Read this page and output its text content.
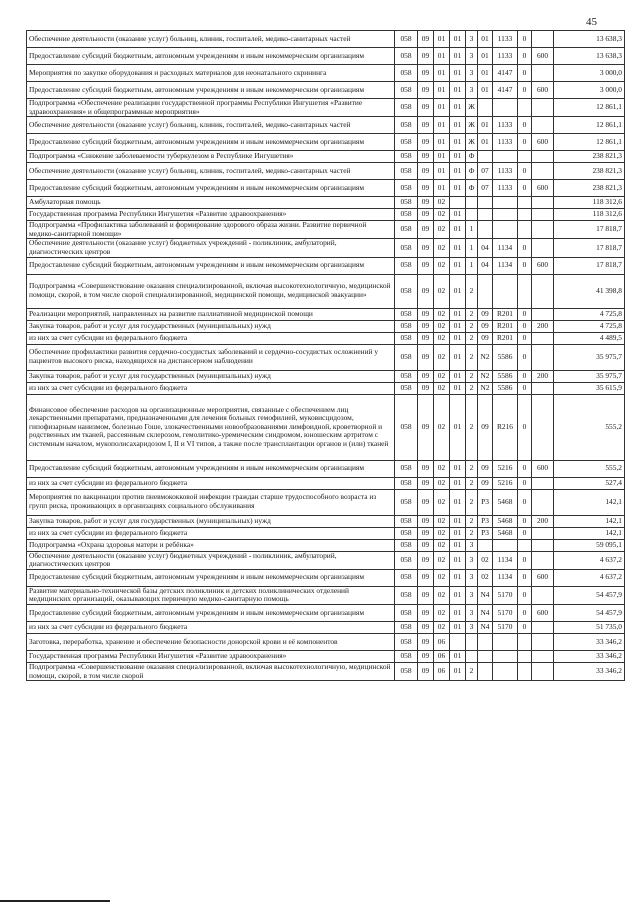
45
Обеспечение деятельности (оказание услуг) больниц, клиник, госпиталей, медико-санитарных частей	058	09	01	01	3	01	1133	0		13 638,3
Предоставление субсидий бюджетным, автономным учреждениям и иным некоммерческим организациям	058	09	01	01	3	01	1133	0	600	13 638,3
Мероприятия по закупке оборудования и расходных материалов для неонатального скрининга	058	09	01	01	3	01	4147	0		3 000,0
Предоставление субсидий бюджетным, автономным учреждениям и иным некоммерческим организациям	058	09	01	01	3	01	4147	0	600	3 000,0
Подпрограмма «Обеспечение реализации государственной программы Республики Ингушетия «Развитие здравоохранения» и общепрограммные мероприятия»	058	09	01	01	Ж					12 861,1
Обеспечение деятельности (оказание услуг) больниц, клиник, госпиталей, медико-санитарных частей	058	09	01	01	Ж	01	1133	0		12 861,1
Предоставление субсидий бюджетным, автономным учреждениям и иным некоммерческим организациям	058	09	01	01	Ж	01	1133	0	600	12 861,1
Подпрограмма «Снижение заболеваемости туберкулезом в Республике Ингушетия»	058	09	01	01	Ф					238 821,3
Обеспечение деятельности (оказание услуг) больниц, клиник, госпиталей, медико-санитарных частей	058	09	01	01	Ф	07	1133	0		238 821,3
Предоставление субсидий бюджетным, автономным учреждениям и иным некоммерческим организациям	058	09	01	01	Ф	07	1133	0	600	238 821,3
Амбулаторная помощь	058	09	02							118 312,6
Государственная программа Республики Ингушетия «Развитие здравоохранения»	058	09	02	01						118 312,6
Подпрограмма «Профилактика заболеваний и формирование здорового образа жизни. Развитие первичной медико-санитарной помощи»	058	09	02	01	1					17 818,7
Обеспечение деятельности (оказание услуг) бюджетных учреждений - поликлиник, амбулаторий, диагностических центров	058	09	02	01	1	04	1134	0		17 818,7
Предоставление субсидий бюджетным, автономным учреждениям и иным некоммерческим организациям	058	09	02	01	1	04	1134	0	600	17 818,7
Подпрограмма «Совершенствование оказания специализированной, включая высокотехнологичную, медицинской помощи, скорой, в том числе скорой специализированной, медицинской помощи, медицинской эвакуации»	058	09	02	01	2					41 398,8
Реализации мероприятий, направленных на развитие паллиативной медицинской помощи	058	09	02	01	2	09	R201	0		4 725,8
Закупка товаров, работ и услуг для государственных (муниципальных) нужд	058	09	02	01	2	09	R201	0	200	4 725,8
из них за счет субсидии из федерального бюджета	058	09	02	01	2	09	R201	0		4 489,5
Обеспечение профилактики развития сердечно-сосудистых заболеваний и сердечно-сосудистых осложнений у пациентов высокого риска, находящихся на диспансерном наблюдении	058	09	02	01	2	N2	5586	0		35 975,7
Закупка товаров, работ и услуг для государственных (муниципальных) нужд	058	09	02	01	2	N2	5586	0	200	35 975,7
из них за счет субсидии из федерального бюджета	058	09	02	01	2	N2	5586	0		35 615,9
Финансовое обеспечение расходов на организационные мероприятия, связанные с обеспечением лиц лекарственными препаратами, предназначенными для лечения больных гемофилией, муковисцидозом, гипофизарным нанизмом, болезнью Гоше, злокачественными новообразованиями лимфоидной, кроветворной и родственных им тканей, рассеянным склерозом, гемолитико-уремическим синдромом, юношеским артритом с системным началом, мукополисахаридозом I, II и VI типов, а также после трансплантации органов и (или) тканей	058	09	02	01	2	09	R216	0		555,2
Предоставление субсидий бюджетным, автономным учреждениям и иным некоммерческим организациям	058	09	02	01	2	09	5216	0	600	555,2
из них за счет субсидии из федерального бюджета	058	09	02	01	2	09	5216	0		527,4
Мероприятия по вакцинации против пневмококковой инфекции граждан старше трудоспособного возраста из групп риска, проживающих в организациях социального обслуживания	058	09	02	01	2	P3	5468	0		142,1
Закупка товаров, работ и услуг для государственных (муниципальных) нужд	058	09	02	01	2	P3	5468	0	200	142,1
из них за счет субсидии из федерального бюджета	058	09	02	01	2	P3	5468	0		142,1
Подпрограмма «Охрана здоровья матери и ребёнка»	058	09	02	01	3					59 095,1
Обеспечение деятельности (оказание услуг) бюджетных учреждений - поликлиник, амбулаторий, диагностических центров	058	09	02	01	3	02	1134	0		4 637,2
Предоставление субсидий бюджетным, автономным учреждениям и иным некоммерческим организациям	058	09	02	01	3	02	1134	0	600	4 637,2
Развитие материально-технической базы детских поликлиник и детских поликлинических отделений медицинских организаций, оказывающих первичную медико-санитарную помощь	058	09	02	01	3	N4	5170	0		54 457,9
Предоставление субсидий бюджетным, автономным учреждениям и иным некоммерческим организациям	058	09	02	01	3	N4	5170	0	600	54 457,9
из них за счет субсидии из федерального бюджета	058	09	02	01	3	N4	5170	0		51 735,0
Заготовка, переработка, хранение и обеспечение безопасности донорской крови и её компонентов	058	09	06							33 346,2
Государственная программа Республики Ингушетия «Развитие здравоохранения»	058	09	06	01						33 346,2
Подпрограмма «Совершенствование оказания специализированной, включая высокотехнологичную, медицинской помощи, скорой, в том числе скорой	058	09	06	01	2					33 346,2
